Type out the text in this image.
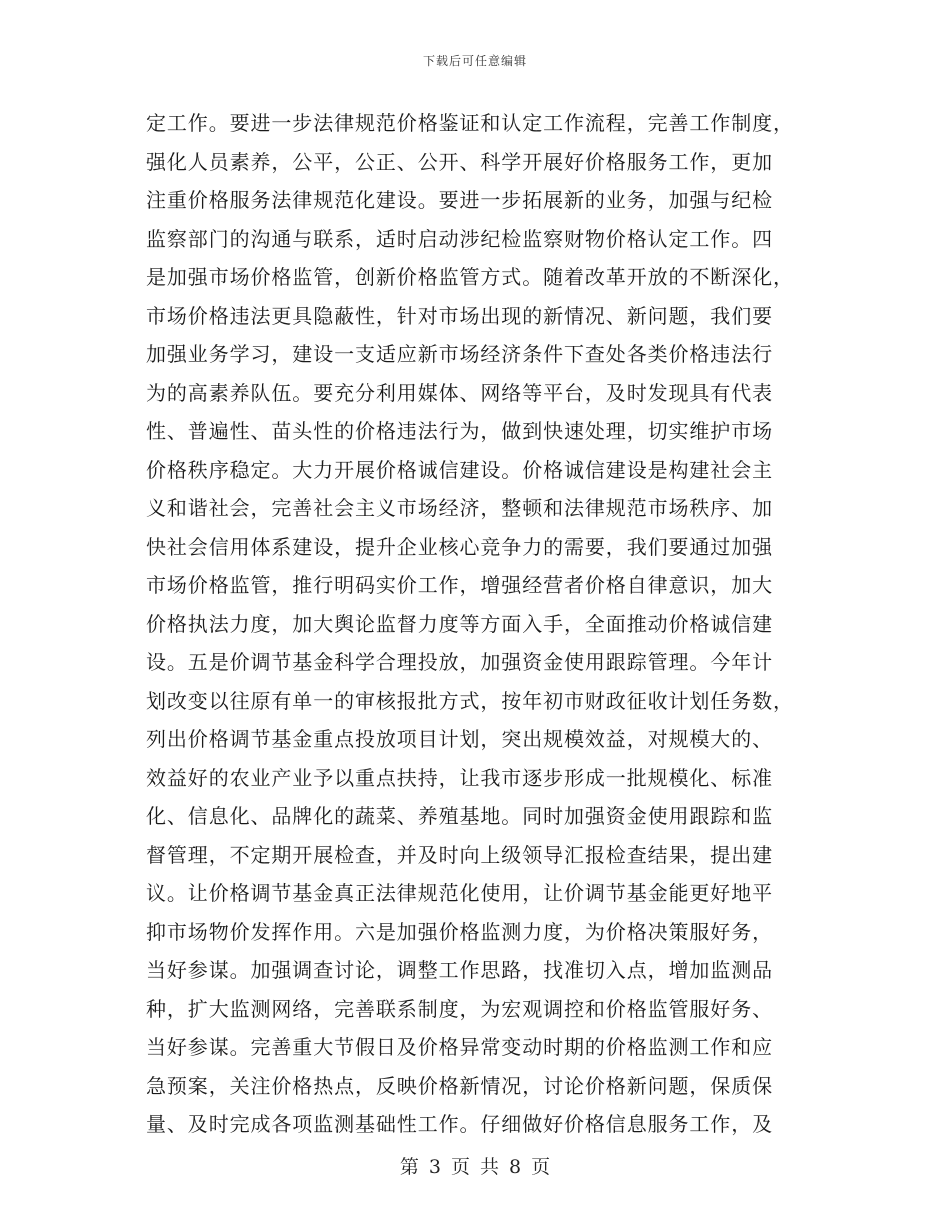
下载后可任意编辑
定工作。要进一步法律规范价格鉴证和认定工作流程，完善工作制度，
强化人员素养，公平，公正、公开、科学开展好价格服务工作，更加
注重价格服务法律规范化建设。要进一步拓展新的业务，加强与纪检
监察部门的沟通与联系，适时启动涉纪检监察财物价格认定工作。四
是加强市场价格监管，创新价格监管方式。随着改革开放的不断深化，
市场价格违法更具隐蔽性，针对市场出现的新情况、新问题，我们要
加强业务学习，建设一支适应新市场经济条件下查处各类价格违法行
为的高素养队伍。要充分利用媒体、网络等平台，及时发现具有代表
性、普遍性、苗头性的价格违法行为，做到快速处理，切实维护市场
价格秩序稳定。大力开展价格诚信建设。价格诚信建设是构建社会主
义和谐社会，完善社会主义市场经济，整顿和法律规范市场秩序、加
快社会信用体系建设，提升企业核心竞争力的需要，我们要通过加强
市场价格监管，推行明码实价工作，增强经营者价格自律意识，加大
价格执法力度，加大舆论监督力度等方面入手，全面推动价格诚信建
设。五是价调节基金科学合理投放，加强资金使用跟踪管理。今年计
划改变以往原有单一的审核报批方式，按年初市财政征收计划任务数，
列出价格调节基金重点投放项目计划，突出规模效益，对规模大的、
效益好的农业产业予以重点扶持，让我市逐步形成一批规模化、标准
化、信息化、品牌化的蔬菜、养殖基地。同时加强资金使用跟踪和监
督管理，不定期开展检查，并及时向上级领导汇报检查结果，提出建
议。让价格调节基金真正法律规范化使用，让价调节基金能更好地平
抑市场物价发挥作用。六是加强价格监测力度，为价格决策服好务，
当好参谋。加强调查讨论，调整工作思路，找准切入点，增加监测品
种，扩大监测网络，完善联系制度，为宏观调控和价格监管服好务、
当好参谋。完善重大节假日及价格异常变动时期的价格监测工作和应
急预案，关注价格热点，反映价格新情况，讨论价格新问题，保质保
量、及时完成各项监测基础性工作。仔细做好价格信息服务工作，及
第 3 页 共 8 页
